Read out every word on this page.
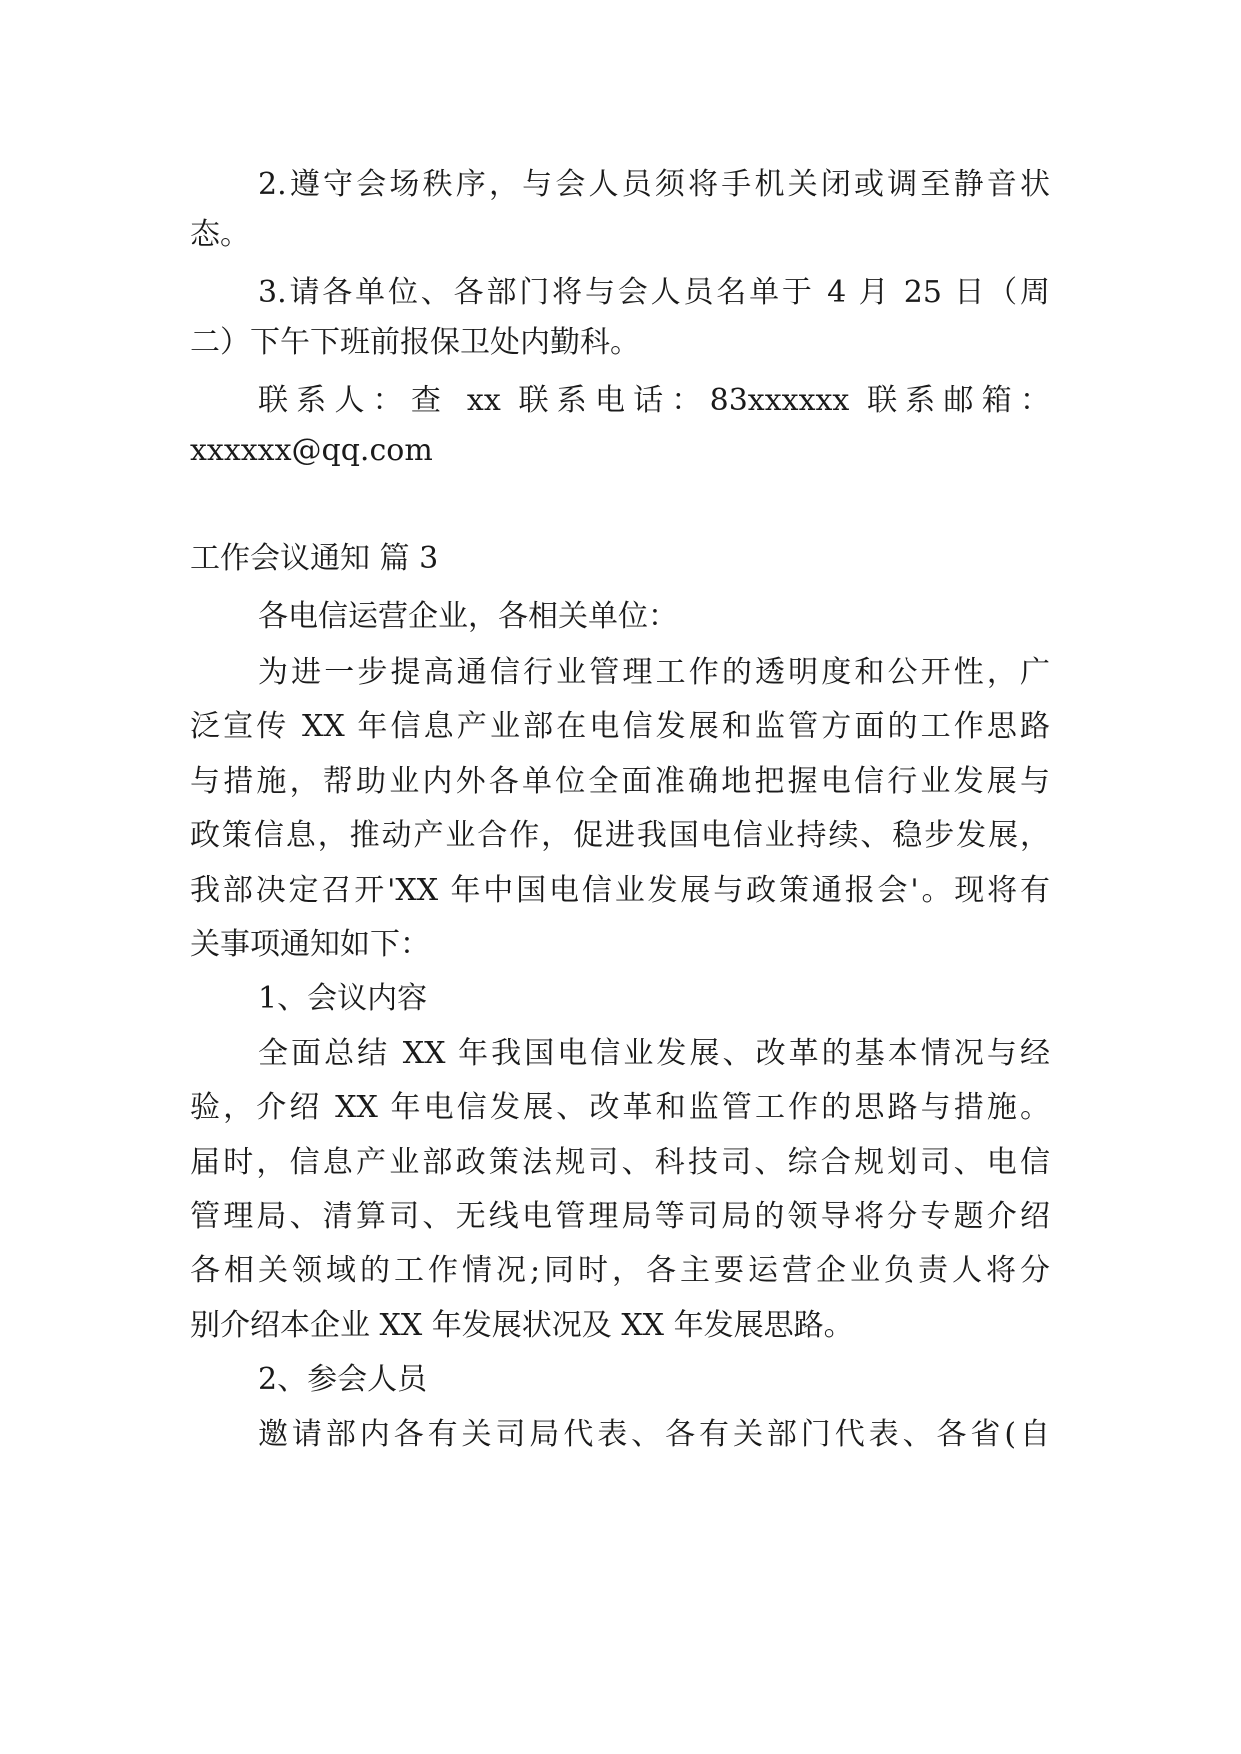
2.遵守会场秩序，与会人员须将手机关闭或调至静音状
态。
3.请各单位、各部门将与会人员名单于 4 月 25 日（周
二）下午下班前报保卫处内勤科。
联系人：查 xx 联系电话：83xxxxxx 联系邮箱：
xxxxxx@qq.com
工作会议通知 篇 3
各电信运营企业，各相关单位：
为进一步提高通信行业管理工作的透明度和公开性，广
泛宣传 XX 年信息产业部在电信发展和监管方面的工作思路
与措施，帮助业内外各单位全面准确地把握电信行业发展与
政策信息，推动产业合作，促进我国电信业持续、稳步发展，
我部决定召开'XX 年中国电信业发展与政策通报会'。现将有
关事项通知如下：
1、会议内容
全面总结 XX 年我国电信业发展、改革的基本情况与经
验，介绍 XX 年电信发展、改革和监管工作的思路与措施。
届时，信息产业部政策法规司、科技司、综合规划司、电信
管理局、清算司、无线电管理局等司局的领导将分专题介绍
各相关领域的工作情况;同时，各主要运营企业负责人将分
别介绍本企业 XX 年发展状况及 XX 年发展思路。
2、参会人员
邀请部内各有关司局代表、各有关部门代表、各省(自
